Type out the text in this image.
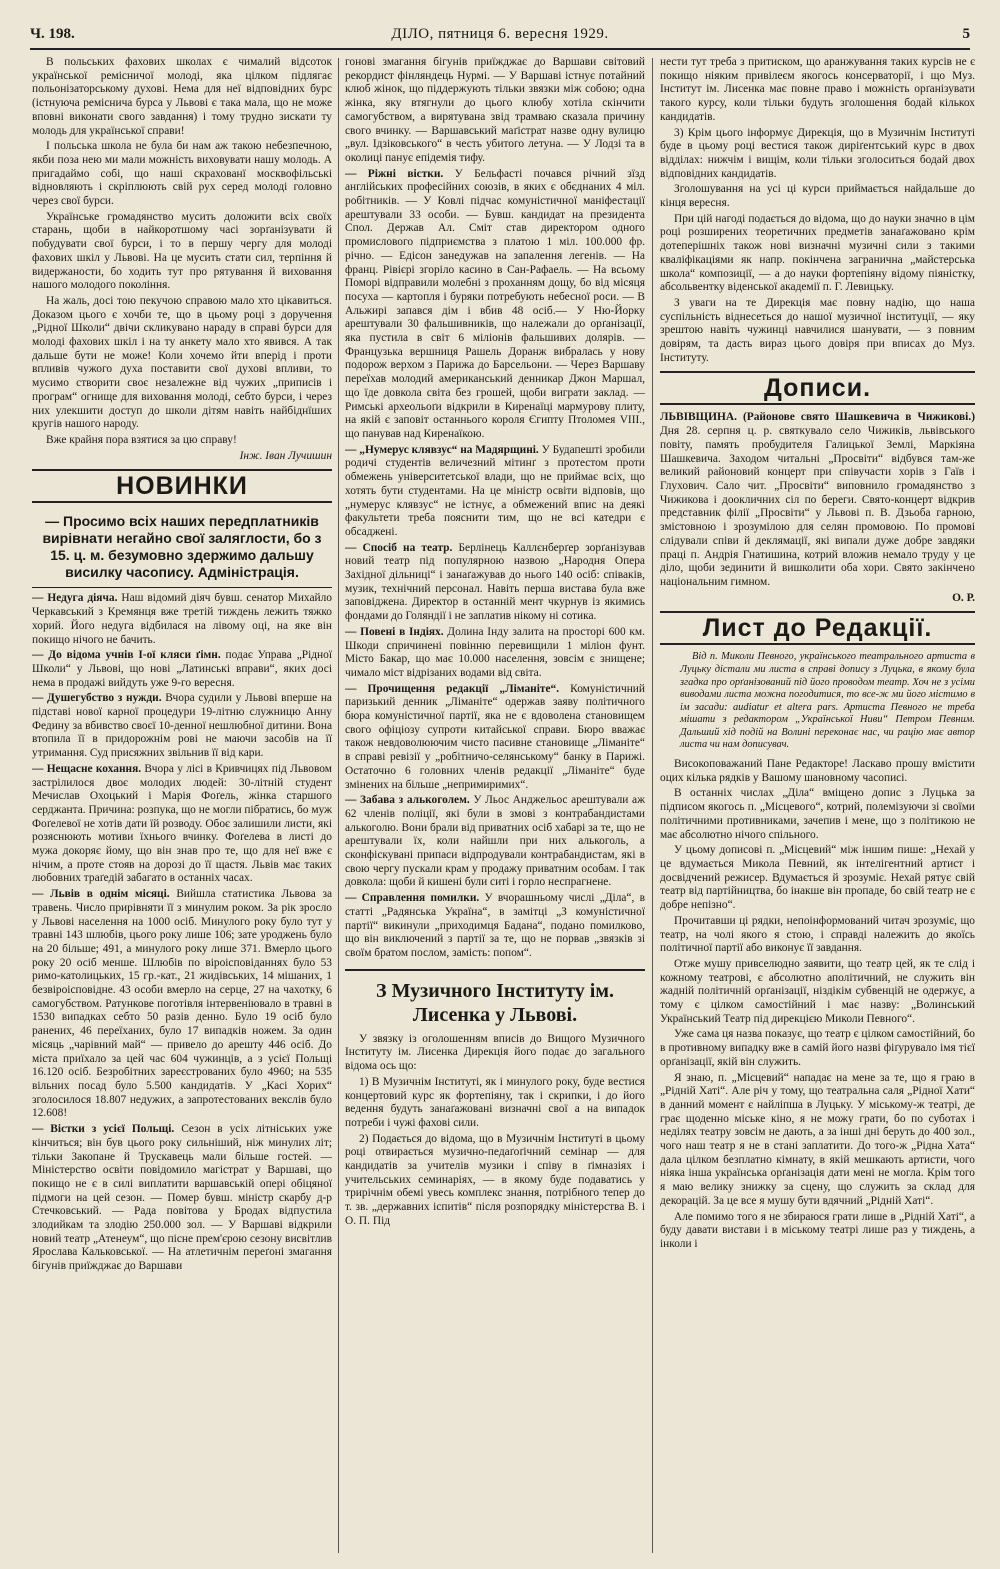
Ч. 198.	ДІЛО, пятниця 6. вересня 1929.	5

В польських фахових школах є чималий відсоток української ремісничої молоді, яка цілком підлягає польонізаторському духові. Нема для неї відповідних бурс (істнуюча реміснича бурса у Львові є така мала, що не може вповні виконати свого завдання) і тому трудно зискати ту молодь для української справи!

І польська школа не була би нам аж такою небезпечною, якби поза нею ми мали можність виховувати нашу молодь. А пригадаймо собі, що наші скрахованї москвофільські відновляють і скріплюють свій рух серед молоді головно через свої бурси.

Українське громадянство мусить доложити всіх своїх старань, щоби в найкоротшому часі зорґанізувати й побудувати свої бурси, і то в першу чергу для молоді фахових шкіл у Львові. На це мусить стати сил, терпіння й видержаности, бо ходить тут про рятування й виховання нашого молодого покоління.

На жаль, досі тою пекучою справою мало хто цікавиться. Доказом цього є хочби те, що в цьому році з доручення „Рідної Школи“ двічи скликувано нараду в справі бурси для молоді фахових шкіл і на ту анкету мало хто явився. А так дальше бути не може! Коли хочемо йти вперід і проти впливів чужого духа поставити свої духові впливи, то мусимо створити своє незалежне від чужих „приписів і програм“ огнище для виховання молоді, себто бурси, і через них улекшити доступ до школи дітям навіть найбіднїших кругів нашого народу.

Вже крайня пора взятися за цю справу!

Інж. Іван Лучишин
НОВИНКИ
— Просимо всіх наших передплатників вирівнати негайно свої заляглости, бо з 15. ц. м. безумовно здержимо дальшу висилку часопису. Адміністрація.

— Недуга діяча. Наш відомий діяч бувш. сенатор Михайло Черкавський з Кремянця вже третій тиждень лежить тяжко хорий. Його недуга відбилася на лівому оці, на яке він покищо нічого не бачить.

— До відома учнів І-ої кляси ґімн. подає Управа „Рідної Школи“ у Львові, що нові „Латинські вправи“, яких досі нема в продажі вийдуть уже 9-го вересня.

— Душегубство з нужди. Вчора судили у Львові вперше на підставі нової карної процедури 19-літню служницю Анну Федину за вбивство своєї 10-денної нешлюбної дитини. Вона втопила її в придорожнім рові не маючи засобів на її утримання. Суд присяжних звільнив її від кари.

— Нещасне кохання. Вчора у лісі в Кривчицях під Львовом застрілилося двоє молодих людей: 30-літній студент Мечислав Охоцький і Марія Фоґель, жінка старшого серджанта. Причина: розпука, що не могли пібратись, бо муж Фоґелевої не хотів дати їй розводу. Обоє залишили листи, які розяснюють мотиви їхнього вчинку. Фоґелева в листі до мужа докоряє йому, що він знав про те, що для неї вже є нічим, а проте стояв на дорозі до її щастя. Львів має таких любовних траґедій забагато в останніх часах.

— Львів в однім місяці. Вийшла статистика Львова за травень. Число прирівняти її з минулим роком. За рік зросло у Львові населення на 1000 осіб. Минулого року було тут у травні 143 шлюбів, цього року лише 106; зате уроджень було на 20 більше; 491, а минулого року лише 371. Вмерло цього року 20 осіб менше. Шлюбів по віроісповіданнях було 53 римо-католицьких, 15 гр.-кат., 21 жидівських, 14 мішаних, 1 безвіроісповідне. 43 особи вмерло на серце, 27 на чахотку, 6 самогубством. Ратункове поготівля інтервеніювало в травні в 1530 випадках себто 50 разів денно. Було 19 осіб було ранених, 46 переїханих, було 17 випадків ножем. За один місяць „чарівний май“ — привело до арешту 446 осіб. До міста приїхало за цей час 604 чужинців, а з усієї Польщі 16.120 осіб. Безробітних зареєстрованих було 4960; на 535 вільних посад було 5.500 кандидатів. У „Касі Хорих“ зголосилося 18.807 недужих, а запротестованих векслів було 12.608!

— Вістки з усієї Польщі. Сезон в усіх літніських уже кінчиться; він був цього року сильніший, ніж минулих літ; тільки Закопане й Трускавець мали більше гостей. — Міністерство освіти повідомило магістрат у Варшаві, що покищо не є в силі виплатити варшавській опері обіцяної підмоги на цей сезон. — Помер бувш. міністр скарбу д-р Стечковський. — Рада повітова у Бродах відпустила злодийкам та злодію 250.000 зол. — У Варшаві відкрили новий театр „Атенеум“, що пісне прем'єрою сезону висвітлив Ярослава Кальковської. — На атлетичнім переґоні змагання бігунів приїжджає до Варшави

гонові змагання бігунів приїжджає до Варшави світовий рекордист фінляндець Нурмі. — У Варшаві істнує потайний клюб жінок, що піддержують тільки звязки між собою; одна жінка, яку втягнули до цього клюбу хотіла скінчити самогубством, а вирятувана звід трамваю сказала причину свого вчинку. — Варшавський маґістрат назве одну вулицю „вул. Ідзіковського“ в честь убитого летуна. — У Лодзі та в околиці панує епідемія тифу.

— Ріжні вістки. У Бельфасті почався річний зїзд англійських професійних союзів, в яких є обєднаних 4 міл. робітників. — У Ковлі підчас комуністичної маніфестації арештували 33 особи. — Бувш. кандидат на президента Спол. Держав Ал. Сміт став директором одного промислового підприємства з платою 1 міл. 100.000 фр. річно. — Едісон занедужав на запалення легенів. — На франц. Рівієрі згоріло касино в Сан-Рафаель. — На всьому Поморі відправили молебні з проханням дощу, бо від місяця посуха — картопля і буряки потребують небесної роси. — В Альжирі запався дім і вбив 48 осіб.— У Ню-Йорку арештували 30 фальшивників, що належали до орґанізації, яка пустила в світ 6 міліонів фальшивих долярів. — Французька вершниця Рашель Доранж вибралась у нову подорож верхом з Парижа до Барсельони. — Через Варшаву переїхав молодий американський денникар Джон Маршал, що їде довкола світа без грошей, щоби виграти заклад. — Римські археольоґи відкрили в Киренаїці мармурову плиту, на якій є заповіт останнього короля Єгипту Птоломея VIII., що панував над Киренаїкою.

— „Нумерус клявзус“ на Мадярщині. У Будапешті зробили родичі студентів величезний мітинґ з протестом проти обмежень університетської влади, що не приймає всіх, що хотять бути студентами. На це міністр освіти відповів, що „нумерус клявзус“ не істнує, а обмежений впис на деякі факультети треба пояснити тим, що не всі катедри є обсаджені.

— Спосіб на театр. Берлінець Каллєнберґер зорґанізував новий театр під популярною назвою „Народня Опера Західної дільниці“ і занаґажував до нього 140 осіб: співаків, музик, технічний персонал. Навіть перша вистава була вже заповіджена. Директор в останній мент чкурнув із якимись фондами до Голяндії і не заплатив нікому ні сотика.

— Повені в Індіях. Долина Інду залита на просторі 600 км. Шкоди спричинені повінню перевищили 1 міліон фунт. Місто Бакар, що має 10.000 населення, зовсім є знищене; чимало міст відрізаних водами від світа.

— Прочищення редакції „Ліманіте“. Комуністичний паризький денник „Ліманіте“ одержав заяву політичного бюра комуністичної партії, яка не є вдоволена становищем свого офіціозу супроти китайської справи. Бюро вважає також невдоволюючим чисто пасивне становище „Ліманіте“ в справі ревізії у „робітничо-селянському“ банку в Парижі. Остаточно 6 головних членів редакції „Ліманіте“ буде змінених на більше „непримиримих“.

— Забава з алькоголем. У Льос Анджельос арештували аж 62 членів поліції, які були в змові з контрабандистами алькоголю. Вони брали від приватних осіб хабарі за те, що не арештували їх, коли найшли при них алькоголь, а сконфіскувані припаси відпродували контрабандистам, які в свою чергу пускали крам у продажу приватним особам. І так довкола: щоби й кишені були ситі і горло неспрагнене.

— Справлення помилки. У вчорашньому числі „Діла“, в статті „Радянська Україна“, в замітці „З комуністичної партії“ викинули „приходимця Бадана“, подано помилково, що він виключений з партії за те, що не порвав „звязків зі своїм братом послом, замість: попом“.

З Музичного Інституту ім. Лисенка у Львові.

У звязку із оголошенням вписів до Вищого Музичного Інституту ім. Лисенка Дирекція його подає до загального відома ось що:

1) В Музичнім Інституті, як і минулого року, буде вестися концертовий курс як фортепіяну, так і скрипки, і до його ведення будуть занаґажовані визначні свої а на випадок потреби і чужі фахові сили.

2) Подається до відома, що в Музичнім Інституті в цьому році отвирається музично-педаґоґічний семінар — для кандидатів за учителів музики і співу в ґімназіях і учительських семинаріях, — в якому буде подаватись у трирічнім обемі увесь комплекс знання, потрібного тепер до т. зв. „державних іспитів“ після розпорядку міністерства В. і О. П. Під

нести тут треба з притиском, що аранжування таких курсів не є покищо ніяким привілеєм якогось консерваторії, і що Муз. Інститут ім. Лисенка має повне право і можність орґанізувати такого курсу, коли тільки будуть зголошення бодай кількох кандидатів.

3) Крім цього інформує Дирекція, що в Музичнім Інституті буде в цьому році вестися також диріґентський курс в двох відділах: нижчім і вищім, коли тільки зголоситься бодай двох відповідних кандидатів.

Зголошування на усі ці курси приймається найдальше до кінця вересня.

При цій нагоді подається до відома, що до науки значно в цім році розширених теоретичних предметів занаґажовано крім дотеперішніх також нові визначні музичні сили з такими кваліфікаціями як напр. покінчена заграничнa „майстерська школа“ композиції, — а до науки фортепіяну відому піяністку, абсольвентку віденської академії п. Г. Левицьку.

З уваги на те Дирекція має повну надію, що наша суспільність віднесеться до нашої музичної інституції, — яку зрештою навіть чужинці навчилися шанувати, — з повним довірям, та дасть вираз цього довіря при вписах до Муз. Інституту.

Дописи.

ЛЬВІВЩИНА. (Районове свято Шашкевича в Чижикові.) Дня 28. серпня ц. р. святкувало село Чижиків, львівського повіту, память пробудителя Галицької Землі, Маркіяна Шашкевича. Заходом читальні „Просвіти“ відбувся там-же великий районовий концерт при співучасти хорів з Гаїв і Глухович. Сало чит. „Просвіти“ виповнило громадянство з Чижикова і доокличних сіл по береги. Свято-концерт відкрив представник філії „Просвіти“ у Львові п. В. Дзьоба гарною, змістовною і зрозумілою для селян промовою. По промові слідували співи й деклямації, які випали дуже добре завдяки праці п. Андрія Гнатишина, котрий вложив немало труду у це діло, щоби зединити й вишколити оба хори. Свято закінчено національним гимном.

О. Р.
Лист до Редакції.
Від п. Миколи Певного, українського театрального артиста в Луцьку дістали ми листа в справі допису з Луцька, в якому була згадка про орґанізований під його проводом театр. Хоч не з усіми виводами листа можна погодитися, то все-ж ми його містимо в ім засади: audiatur et altera pars. Артиста Певного не треба мішати з редактором „Української Ниви“ Петром Певним. Дальший хід подій на Волині переконає нас, чи рацію має автор листа чи нам дописувач.

Високоповажаний Пане Редакторе! Ласкаво прошу вмістити оцих кілька рядків у Вашому шановному часописі.

В останніх числах „Діла“ вміщено допис з Луцька за підписом якогось п. „Місцевого“, котрий, полемізуючи зі своїми політичними противниками, зачепив і мене, що з політикою не має абсолютно нічого спільного.

У цьому дописові п. „Місцевий“ між іншим пише: „Нехай у це вдумається Микола Певний, як інтелігентний артист і досвідчений режисер. Вдумається й зрозуміє. Нехай рятує свій театр від партійництва, бо інакше він пропаде, бо свій театр не є добре непізно“.

Прочитавши ці рядки, непоінформований читач зрозуміє, що театр, на чолі якого я стою, і справді належить до якоїсь політичної партії або виконує її завдання.

Отже мушу привселюдно заявити, що театр цей, як те слід і кожному театрові, є абсолютно аполітичний, не служить він жадній політичній орґанізації, ніздікім субвенцій не одержує, а тому є цілком самостійний і має назву: „Волинський Український Театр під дирекцією Миколи Певного“.

Уже сама ця назва показує, що театр є цілком самостійний, бо в противному випадку вже в самій його назві фіґурувало імя тієї орґанізації, якій він служить.

Я знаю, п. „Місцевий“ нападає на мене за те, що я граю в „Рідній Хаті“. Але річ у тому, що театральна саля „Рідної Хати“ в данний момент є найліпша в Луцьку. У міському-ж театрі, де грає щоденно міське кіно, я не можу грати, бо по суботах і неділях театру зовсім не дають, а за інші дні беруть до 400 зол., чого наш театр я не в стані заплатити. До того-ж „Рідна Хата“ дала цілком безплатно кімнату, в якій мешкають артисти, чого ніяка інша українська орґанізація дати мені не могла. Крім того я маю велику знижку за сцену, що служить за склад для декорацій. За це все я мушу бути вдячний „Рідній Хаті“.

Але помимо того я не збираюся грати лише в „Рідній Хаті“, а буду давати вистави і в міському театрі лише раз у тиждень, а інколи і
